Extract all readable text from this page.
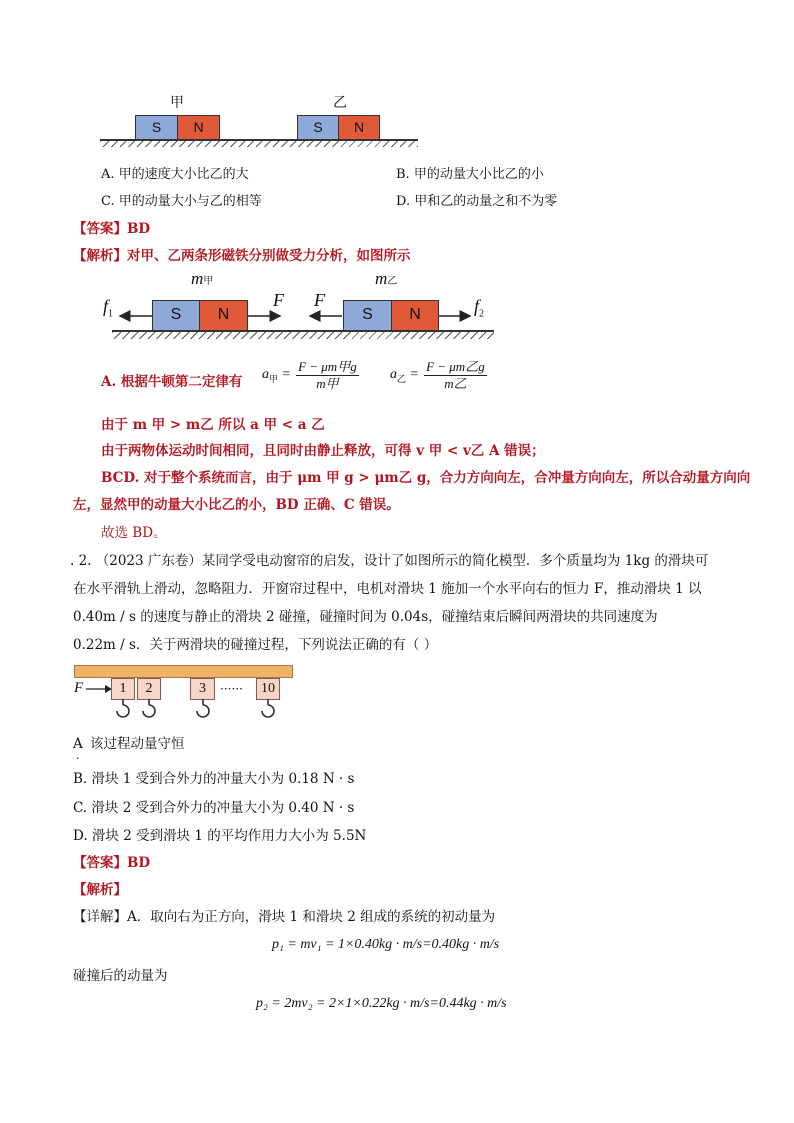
甲	乙
S	N	S	N
A. 甲的速度大小比乙的大	B. 甲的动量大小比乙的小
C. 甲的动量大小与乙的相等	D. 甲和乙的动量之和不为零
【答案】BD
【解析】对甲、乙两条形磁铁分别做受力分析，如图所示
m甲	m乙
$f_1$	$f_2$
F F
S	N	S	N
A. 根据牛顿第二定律有 $a_甲 = \frac{\text{F − μm甲g}}{\text{m甲}} a_乙 = \frac{\text{F − μm乙g}}{\text{m乙}}$
由于 m 甲 > m乙 所以 a 甲 < a 乙
由于两物体运动时间相同，且同时由静止释放，可得 v 甲 < v乙 A 错误；
BCD. 对于整个系统而言，由于 μm 甲 g > μm乙 g，合力方向向左，合冲量方向向左，所以合动量方向向
左，显然甲的动量大小比乙的小，BD 正确、C 错误。
故选 BD。
. 2. （2023 广东卷）某同学受电动窗帘的启发，设计了如图所示的简化模型．多个质量均为 1kg 的滑块可
在水平滑轨上滑动，忽略阻力．开窗帘过程中，电机对滑块 1 施加一个水平向右的恒力 F，推动滑块 1 以
0.40m / s 的速度与静止的滑块 2 碰撞，碰撞时间为 0.04s，碰撞结束后瞬间两滑块的共同速度为
0.22m / s．关于两滑块的碰撞过程，下列说法正确的有（ ）
F	1	2	3	······	10
A 该过程动量守恒
·
B. 滑块 1 受到合外力的冲量大小为 0.18 N · s
C. 滑块 2 受到合外力的冲量大小为 0.40 N · s
D. 滑块 2 受到滑块 1 的平均作用力大小为 5.5N
【答案】BD
【解析】
【详解】A．取向右为正方向，滑块 1 和滑块 2 组成的系统的初动量为
p₁ = mv₁ = 1×0.40kg · m/s=0.40kg · m/s
碰撞后的动量为
p₂ = 2mv₂ = 2×1×0.22kg · m/s=0.44kg · m/s
